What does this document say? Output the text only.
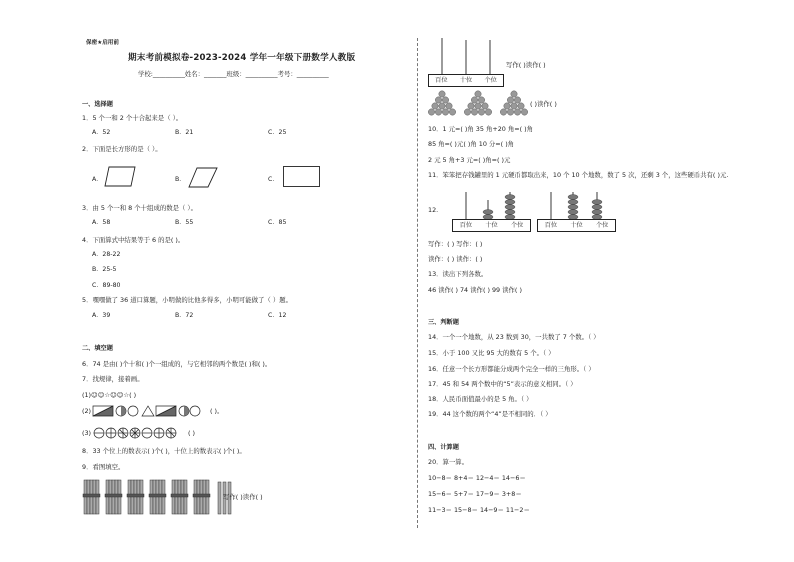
保密★启用前
期末考前模拟卷-2023-2024 学年一年级下册数学人教版
学校:__________姓名：_______班级：__________考号：__________
一、选择题
1．5 个一和 2 个十合起来是（ ）。
A．52	B．21	C．25
2．下面是长方形的是（ ）。
A．	B．	C．
3．由 5 个一和 8 个十组成的数是（ ）。
A．58	B．55	C．85
4．下面算式中结果等于 6 的是( )。
A．28-22
B．25-5
C．89-80
5．嘿嘿做了 36 道口算题，小明做的比他多得多，小明可能做了（ ）题。
A．39	B．72	C．12
二、填空题
6．74 是由( )个十和( )个一组成的，与它相邻的两个数是( )和( )。
7．找规律，接着画。
(1)☺☺☆☺☺☆( )
(2)	( )。
(3)	( )
8．33 个位上的数表示( )个( )，十位上的数表示( )个( )。
9．看图填空。
写作( )读作( )
百位	十位	个位
写作( )读作( )
( )读作( )
10．1 元=( )角 35 角+20 角=( )角
85 角=( )元( )角 10 分=( )角
2 元 5 角+3 元=( )角=( )元
11．笨笨把存钱罐里的 1 元硬币都取出来，10 个 10 个地数，数了 5 次，还剩 3 个，这些硬币共有( )元.
12.
百位	十位	个位	百位	十位	个位
写作：( ) 写作：( )
读作：( ) 读作：( )
13．读出下列各数。
46 读作( ) 74 读作( ) 99 读作( )
三、判断题
14．一个一个地数，从 23 数到 30，一共数了 7 个数。（ ）
15．小于 100 又比 95 大的数有 5 个。（ ）
16．任意一个长方形都能分成两个完全一样的三角形。（ ）
17．45 和 54 两个数中的“5”表示的意义相同。（ ）
18．人民币面值最小的是 5 角。（ ）
19．44 这个数的两个“4”是不相同的．（ ）
四、计算题
20．算一算。
10−8＝ 8+4＝ 12−4＝ 14−6＝
15−6＝ 5+7＝ 17−9＝ 3+8＝
11−3＝ 15−8＝ 14−9＝ 11−2＝
